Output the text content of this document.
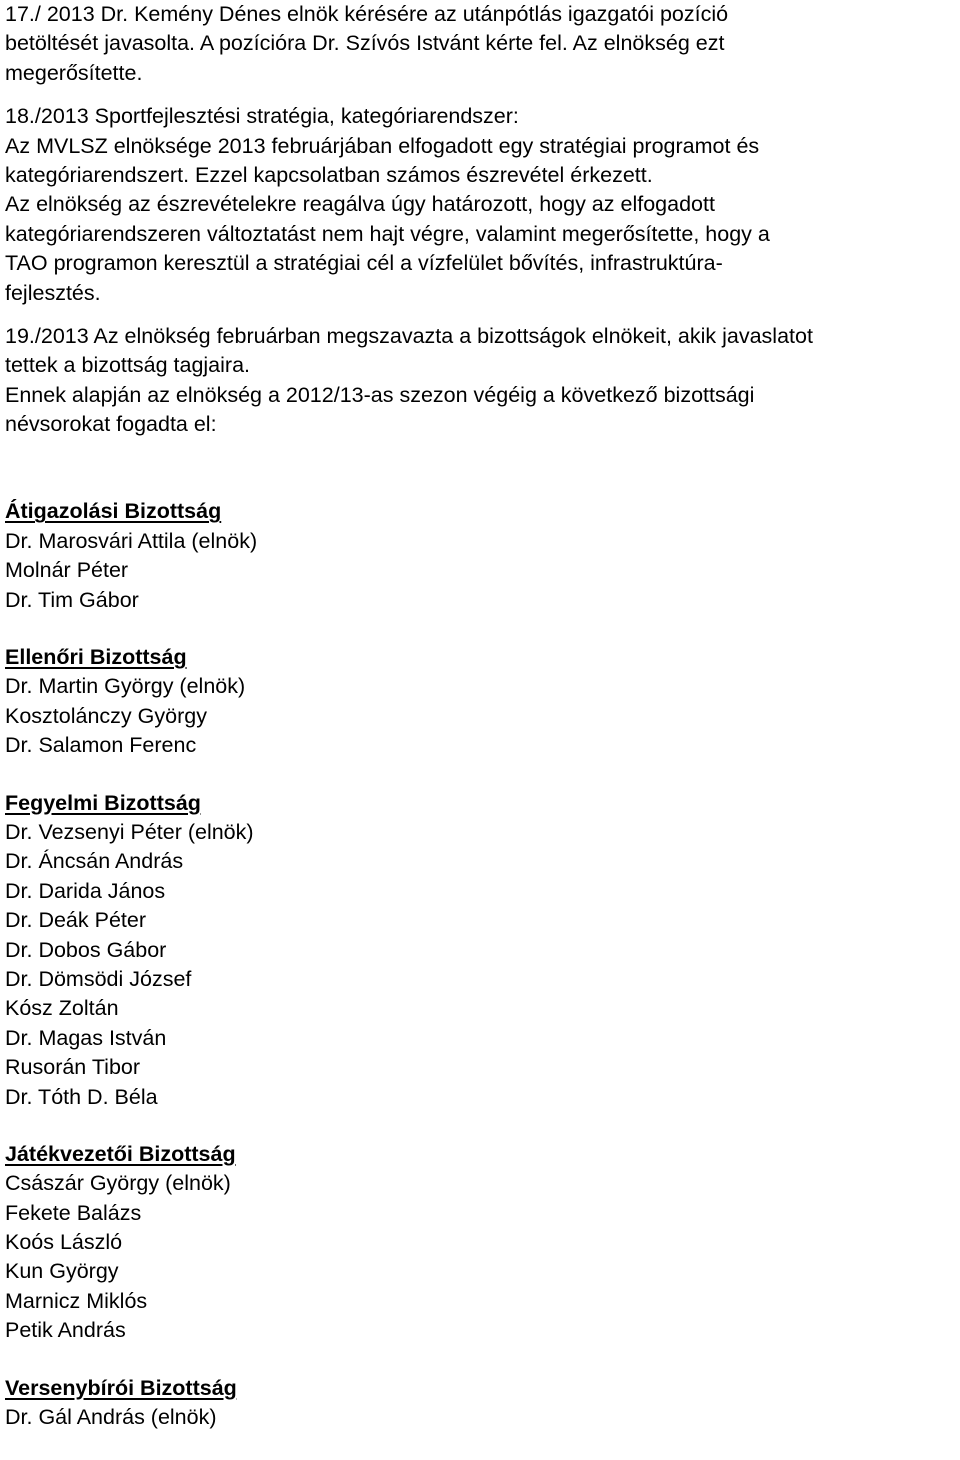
17./ 2013 Dr. Kemény Dénes elnök kérésére az utánpótlás igazgatói pozíció
betöltését javasolta. A pozícióra Dr. Szívós Istvánt kérte fel. Az elnökség ezt
megerősítette.
18./2013 Sportfejlesztési stratégia, kategóriarendszer:
Az MVLSZ elnöksége 2013 februárjában elfogadott egy stratégiai programot és
kategóriarendszert. Ezzel kapcsolatban számos észrevétel érkezett.
Az elnökség az észrevételekre reagálva úgy határozott, hogy az elfogadott
kategóriarendszeren változtatást nem hajt végre, valamint megerősítette, hogy a
TAO programon keresztül a stratégiai cél a vízfelület bővítés, infrastruktúra-
fejlesztés.
19./2013 Az elnökség februárban megszavazta a bizottságok elnökeit, akik javaslatot
tettek a bizottság tagjaira.
Ennek alapján az elnökség a 2012/13-as szezon végéig a következő bizottsági
névsorokat fogadta el:
Átigazolási Bizottság
Dr. Marosvári Attila (elnök)
Molnár Péter
Dr. Tim Gábor
Ellenőri Bizottság
Dr. Martin György (elnök)
Kosztolánczy György
Dr. Salamon Ferenc
Fegyelmi Bizottság
Dr. Vezsenyi Péter (elnök)
Dr. Áncsán András
Dr. Darida János
Dr. Deák Péter
Dr. Dobos Gábor
Dr. Dömsödi József
Kósz Zoltán
Dr. Magas István
Rusorán Tibor
Dr. Tóth D. Béla
Játékvezetői Bizottság
Császár György (elnök)
Fekete Balázs
Koós László
Kun György
Marnicz Miklós
Petik András
Versenybírói Bizottság
Dr. Gál András (elnök)
